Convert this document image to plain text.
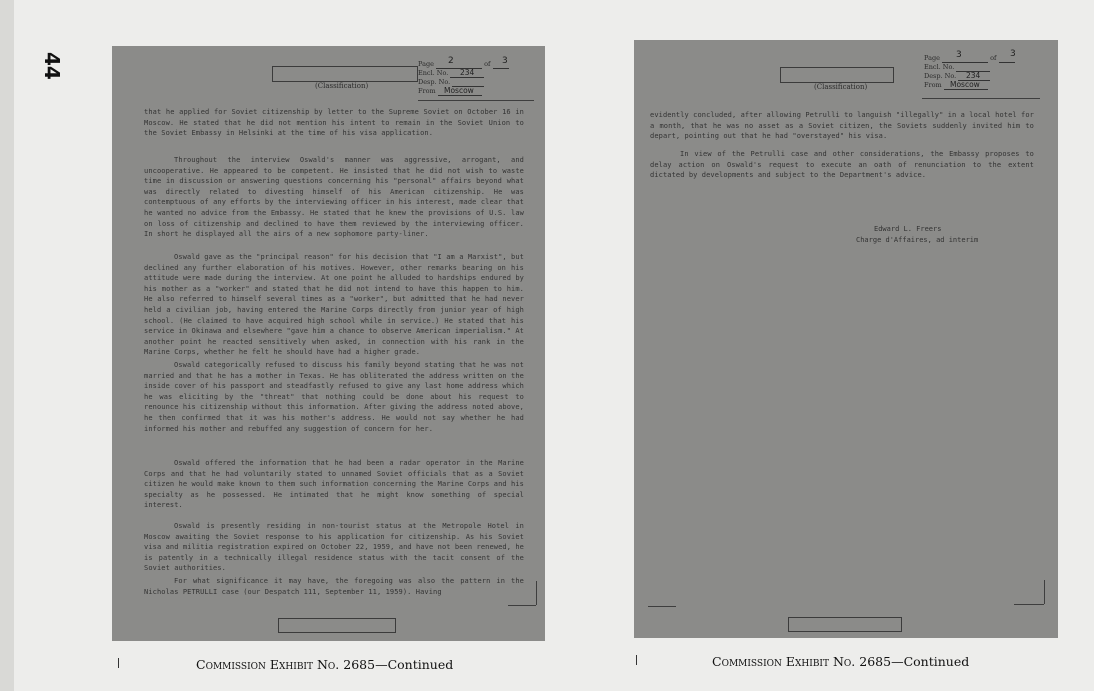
44
(Classification)
Page	of
2	3
Encl. No. 234
Desp. No.
From Moscow
that he applied for Soviet citizenship by letter to the Supreme Soviet on October 16 in Moscow. He stated that he did not mention his intent to remain in the Soviet Union to the Soviet Embassy in Helsinki at the time of his visa application.
Throughout the interview Oswald's manner was aggressive, arrogant, and uncooperative. He appeared to be competent. He insisted that he did not wish to waste time in discussion or answering questions concerning his "personal" affairs beyond what was directly related to divesting himself of his American citizenship. He was contemptuous of any efforts by the interviewing officer in his interest, made clear that he wanted no advice from the Embassy. He stated that he knew the provisions of U.S. law on loss of citizenship and declined to have them reviewed by the interviewing officer. In short he displayed all the airs of a new sophomore party-liner.
Oswald gave as the "principal reason" for his decision that "I am a Marxist", but declined any further elaboration of his motives. However, other remarks bearing on his attitude were made during the interview. At one point he alluded to hardships endured by his mother as a "worker" and stated that he did not intend to have this happen to him. He also referred to himself several times as a "worker", but admitted that he had never held a civilian job, having entered the Marine Corps directly from junior year of high school. (He claimed to have acquired high school while in service.) He stated that his service in Okinawa and elsewhere "gave him a chance to observe American imperialism." At another point he reacted sensitively when asked, in connection with his rank in the Marine Corps, whether he felt he should have had a higher grade.
Oswald categorically refused to discuss his family beyond stating that he was not married and that he has a mother in Texas. He has obliterated the address written on the inside cover of his passport and steadfastly refused to give any last home address which he was eliciting by the "threat" that nothing could be done about his request to renounce his citizenship without this information. After giving the address noted above, he then confirmed that it was his mother's address. He would not say whether he had informed his mother and rebuffed any suggestion of concern for her.
Oswald offered the information that he had been a radar operator in the Marine Corps and that he had voluntarily stated to unnamed Soviet officials that as a Soviet citizen he would make known to them such information concerning the Marine Corps and his specialty as he possessed. He intimated that he might know something of special interest.
Oswald is presently residing in non-tourist status at the Metropole Hotel in Moscow awaiting the Soviet response to his application for citizenship. As his Soviet visa and militia registration expired on October 22, 1959, and have not been renewed, he is patently in a technically illegal residence status with the tacit consent of the Soviet authorities.
For what significance it may have, the foregoing was also the pattern in the Nicholas PETRULLI case (our Despatch 111, September 11, 1959). Having
(Classification)
Page	of
3	3
Encl. No.
Desp. No. 234
From Moscow
evidently concluded, after allowing Petrulli to languish "illegally" in a local hotel for a month, that he was no asset as a Soviet citizen, the Soviets suddenly invited him to depart, pointing out that he had "overstayed" his visa.
In view of the Petrulli case and other considerations, the Embassy proposes to delay action on Oswald's request to execute an oath of renunciation to the extent dictated by developments and subject to the Department's advice.
Edward L. Freers
Charge d'Affaires, ad interim
Commission Exhibit No. 2685—Continued	Commission Exhibit No. 2685—Continued
